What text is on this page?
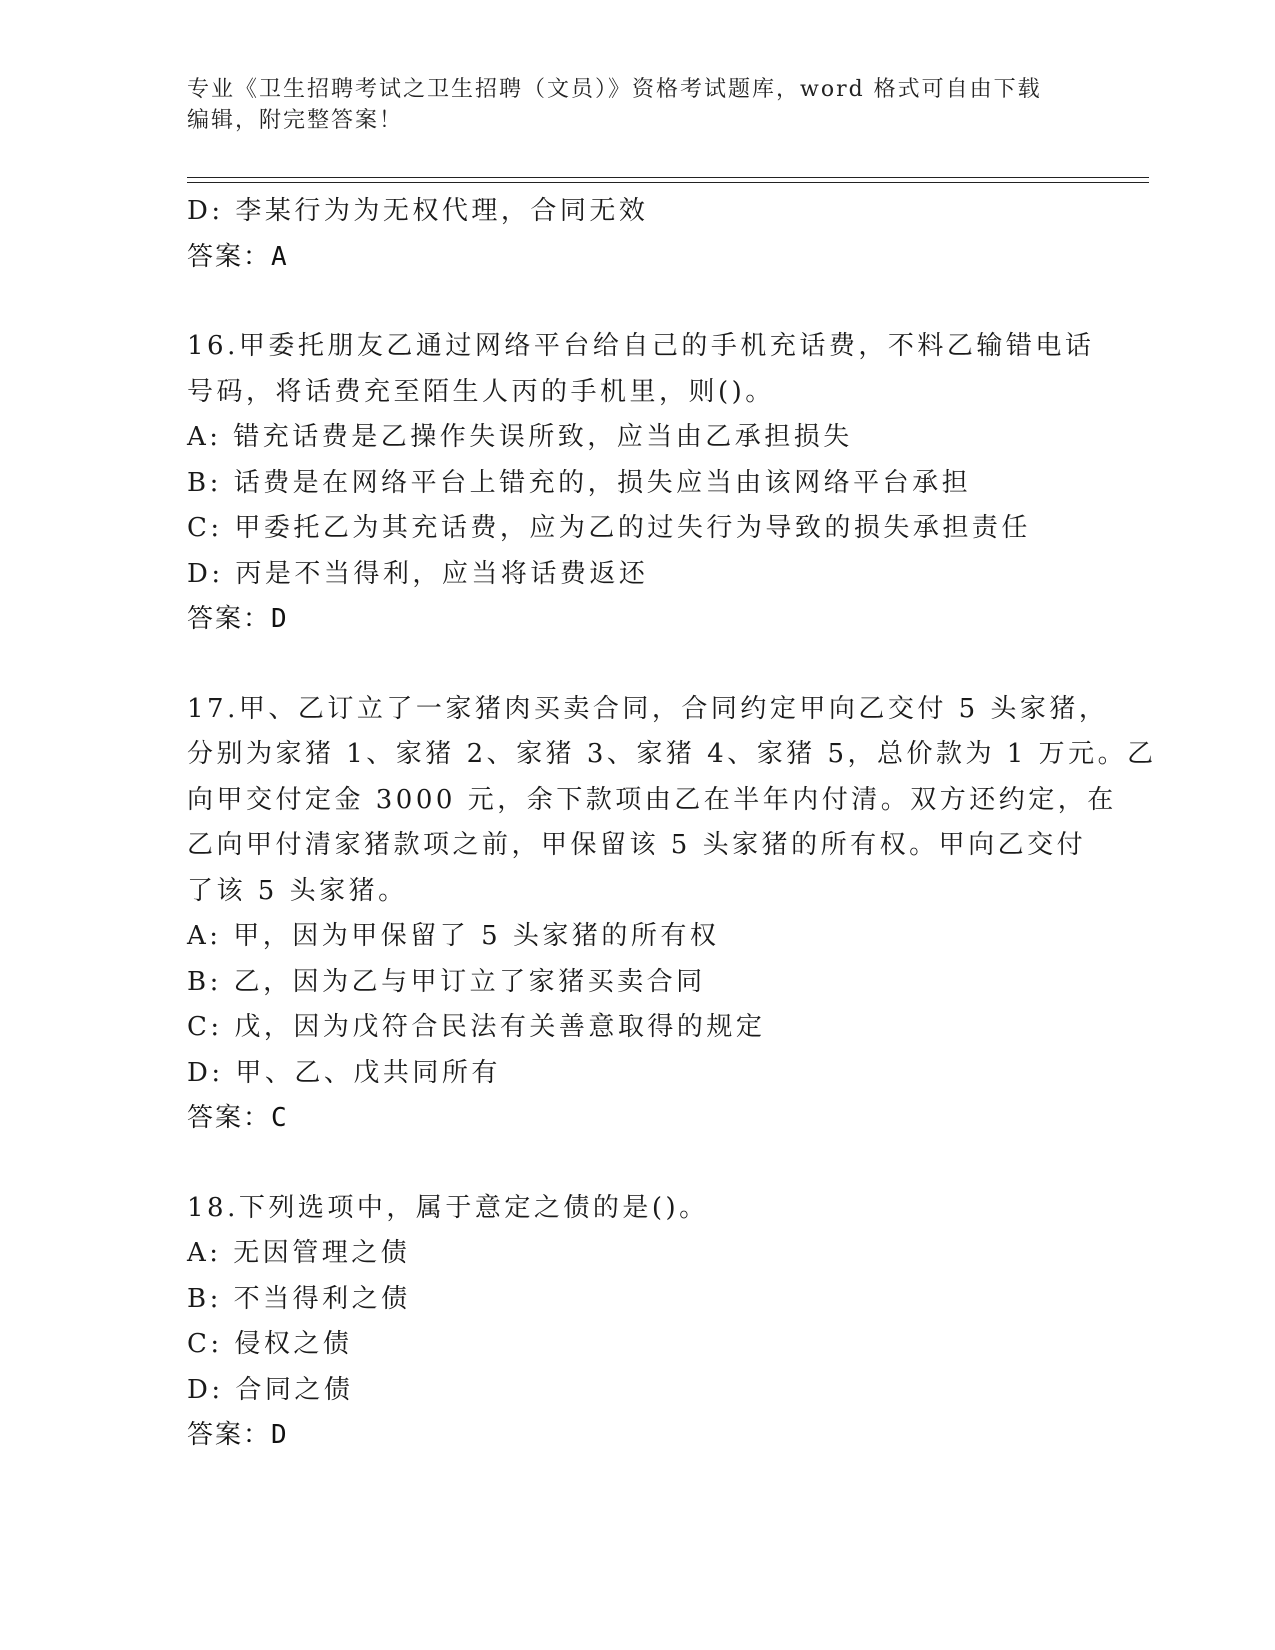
专业《卫生招聘考试之卫生招聘（文员）》资格考试题库，word 格式可自由下载
编辑，附完整答案！
D: 李某行为为无权代理，合同无效
答案：A
16.甲委托朋友乙通过网络平台给自己的手机充话费，不料乙输错电话
号码，将话费充至陌生人丙的手机里，则()。
A: 错充话费是乙操作失误所致，应当由乙承担损失
B: 话费是在网络平台上错充的，损失应当由该网络平台承担
C: 甲委托乙为其充话费，应为乙的过失行为导致的损失承担责任
D: 丙是不当得利，应当将话费返还
答案：D
17.甲、乙订立了一家猪肉买卖合同，合同约定甲向乙交付 5 头家猪，
分别为家猪 1、家猪 2、家猪 3、家猪 4、家猪 5，总价款为 1 万元。乙
向甲交付定金 3000 元，余下款项由乙在半年内付清。双方还约定，在
乙向甲付清家猪款项之前，甲保留该 5 头家猪的所有权。甲向乙交付
了该 5 头家猪。
A: 甲，因为甲保留了 5 头家猪的所有权
B: 乙，因为乙与甲订立了家猪买卖合同
C: 戊，因为戊符合民法有关善意取得的规定
D: 甲、乙、戊共同所有
答案：C
18.下列选项中，属于意定之债的是()。
A: 无因管理之债
B: 不当得利之债
C: 侵权之债
D: 合同之债
答案：D
